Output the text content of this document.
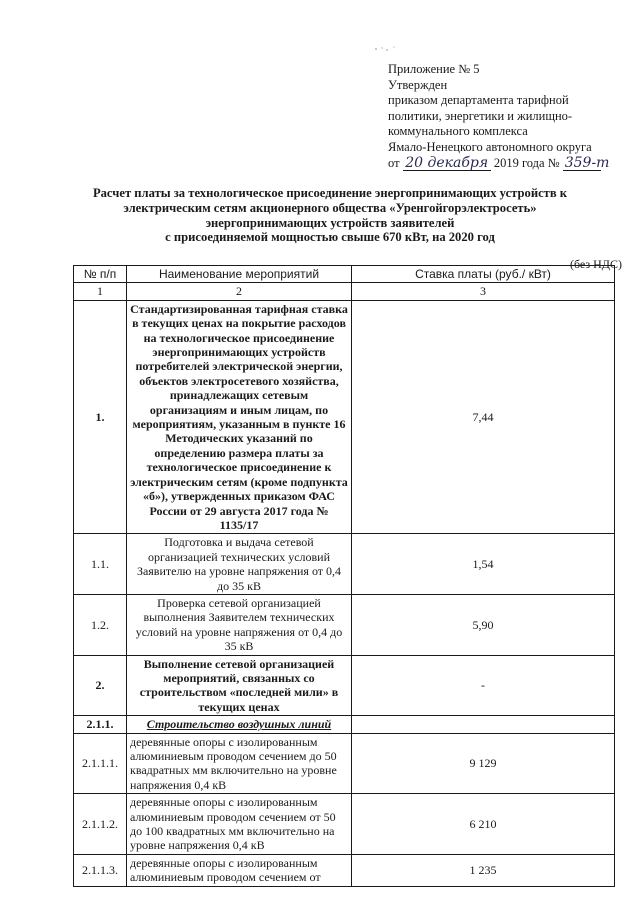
Приложение № 5
Утвержден
приказом департамента тарифной
политики, энергетики и жилищно-
коммунального комплекса
Ямало-Ненецкого автономного округа
от 20 декабря 2019 года № 359-т
Расчет платы за технологическое присоединение энергопринимающих устройств к
электрическим сетям акционерного общества «Уренгойгорэлектросеть»
энергопринимающих устройств заявителей
с присоединяемой мощностью свыше 670 кВт, на 2020 год
(без НДС)
№ п/п	Наименование мероприятий	Ставка платы (руб./ кВт)
1	2	3
1.	Стандартизированная тарифная ставка в текущих ценах на покрытие расходов на технологическое присоединение энергопринимающих устройств потребителей электрической энергии, объектов электросетевого хозяйства, принадлежащих сетевым организациям и иным лицам, по мероприятиям, указанным в пункте 16 Методических указаний по определению размера платы за технологическое присоединение к электрическим сетям (кроме подпункта «б»), утвержденных приказом ФАС России от 29 августа 2017 года № 1135/17	7,44
1.1.	Подготовка и выдача сетевой организацией технических условий Заявителю на уровне напряжения от 0,4 до 35 кВ	1,54
1.2.	Проверка сетевой организацией выполнения Заявителем технических условий на уровне напряжения от 0,4 до 35 кВ	5,90
2.	Выполнение сетевой организацией мероприятий, связанных со строительством «последней мили» в текущих ценах	-
2.1.1.	Строительство воздушных линий	
2.1.1.1.	деревянные опоры с изолированным алюминиевым проводом сечением до 50 квадратных мм включительно на уровне напряжения 0,4 кВ	9 129
2.1.1.2.	деревянные опоры с изолированным алюминиевым проводом сечением от 50 до 100 квадратных мм включительно на уровне напряжения 0,4 кВ	6 210
2.1.1.3.	деревянные опоры с изолированным алюминиевым проводом сечением от	1 235
